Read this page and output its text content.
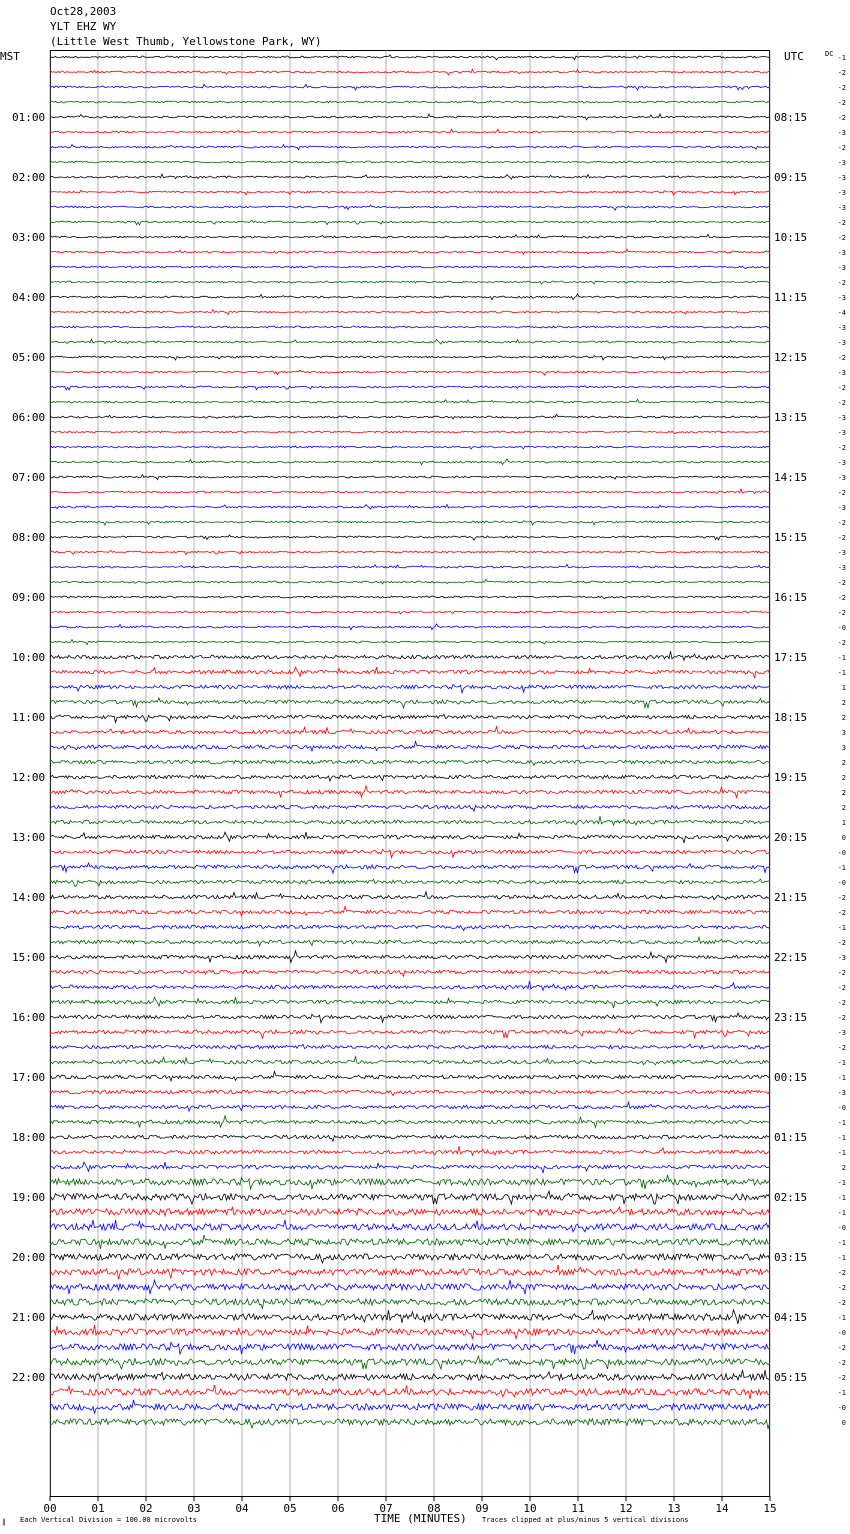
Oct28,2003
YLT EHZ WY
(Little West Thumb, Yellowstone Park, WY)
00	01	02	03	04	05	06	07	08	09	10	11	12	13	14	15
-1
-2
-2
-2
-2
01:00	08:15
-3
-2
-3
-3
02:00	09:15
-3
-3
-2
-2
03:00	10:15
-3
-3
-2
-3
04:00	11:15
-4
-3
-3
-2
05:00	12:15
-3
-2
-2
-3
06:00	13:15
-3
-2
-3
-3
07:00	14:15
-2
-3
-2
-2
08:00	15:15
-3
-3
-2
-2
09:00	16:15
-2
-0
-2
-1
10:00	17:15
-1
1
2
2
11:00	18:15
3
3
2
2
12:00	19:15
2
2
1
0
13:00	20:15
-0
-1
-0
-2
14:00	21:15
-2
-1
-2
-3
15:00	22:15
-2
-2
-2
-2
16:00	23:15
-3
-2
-1
-1
17:00	00:15
-3
-0
-1
-1
18:00	01:15
-1
2
-1
-1
19:00	02:15
-1
-0
-1
-1
20:00	03:15
-2
-2
-2
-1
21:00	04:15
-0
-2
-2
-2
22:00	05:15
-1
-0
0
MST	UTC	DC
TIME (MINUTES)
Each Vertical Division = 100.00 microvolts	Traces clipped at plus/minus 5 vertical divisions
∥
